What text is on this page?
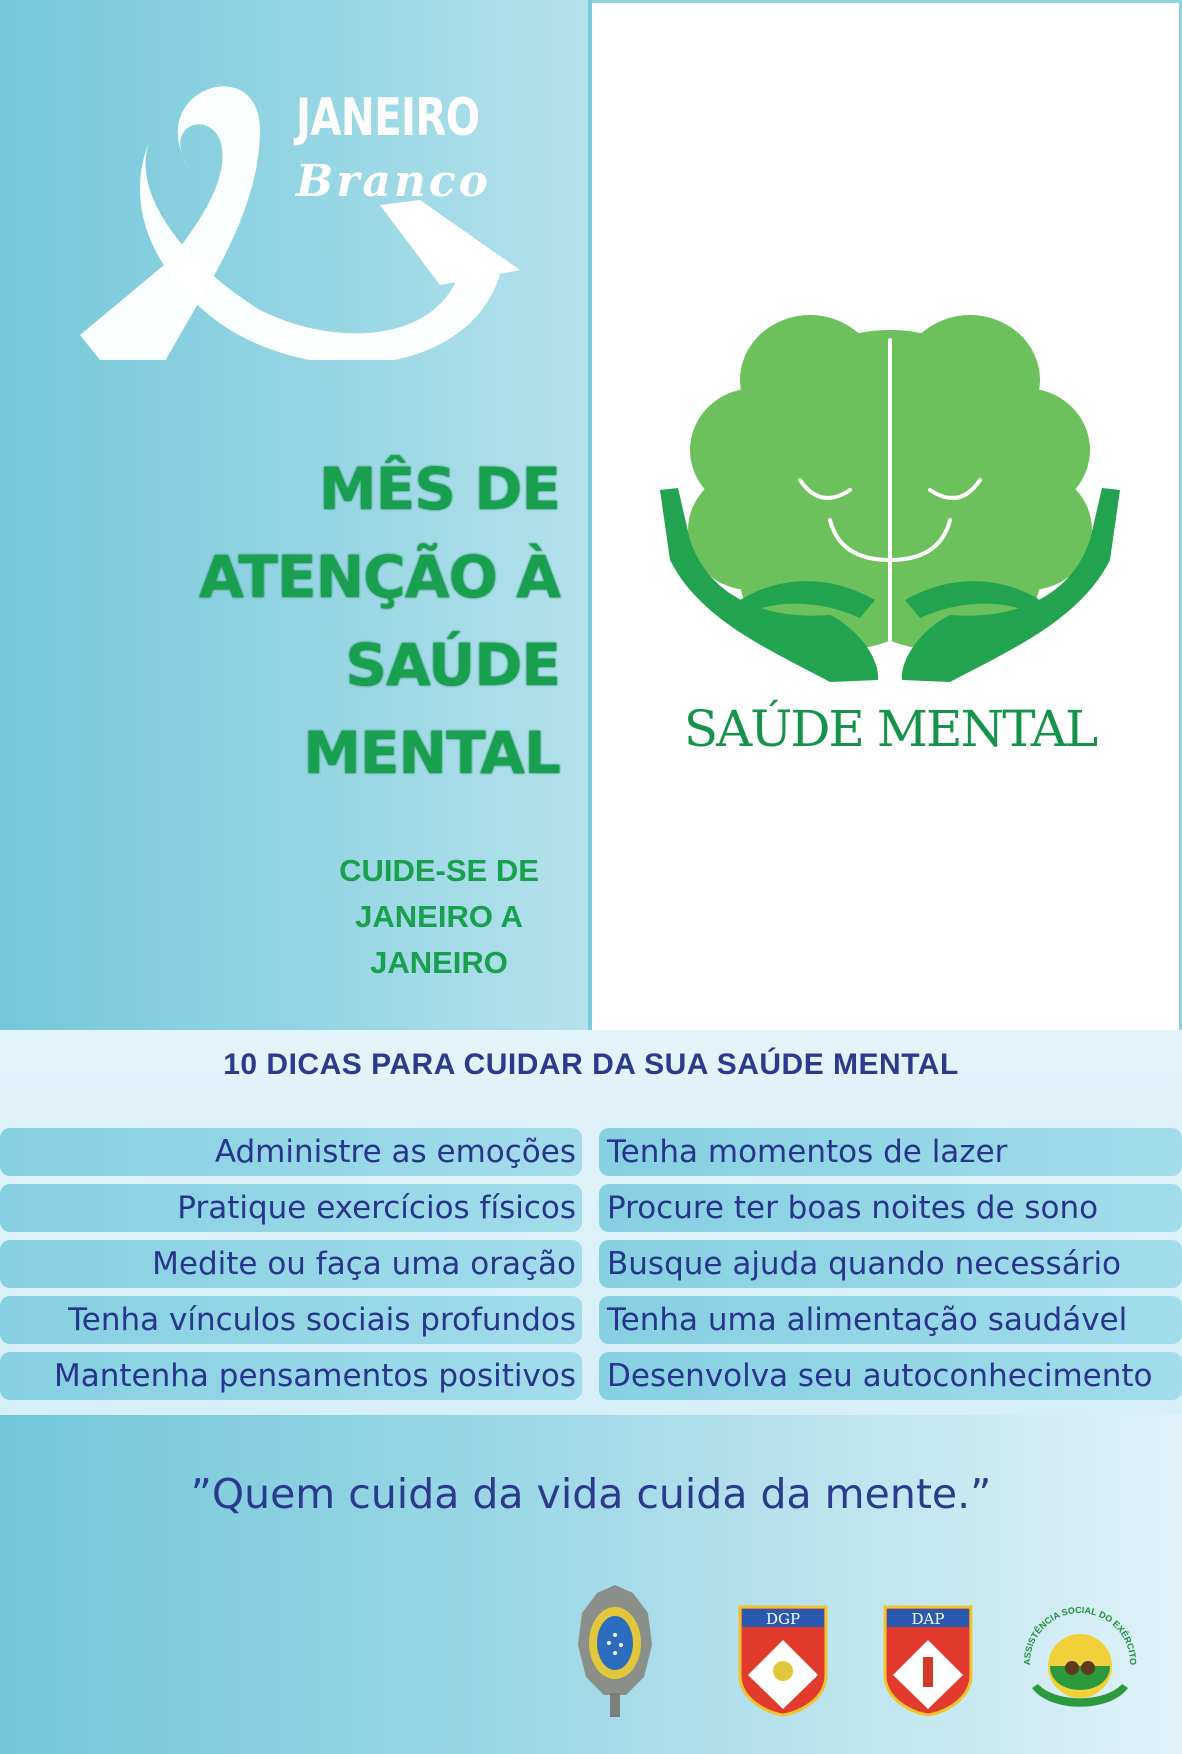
JANEIRO
Branco
MÊS DE
ATENÇÃO À
SAÚDE
MENTAL
CUIDE-SE DE
JANEIRO A
JANEIRO
SAÚDE MENTAL
10 DICAS PARA CUIDAR DA SUA SAÚDE MENTAL
Administre as emoções
Pratique exercícios físicos
Medite ou faça uma oração
Tenha vínculos sociais profundos
Mantenha pensamentos positivos
Tenha momentos de lazer
Procure ter boas noites de sono
Busque ajuda quando necessário
Tenha uma alimentação saudável
Desenvolva seu autoconhecimento
”Quem cuida da vida cuida da mente.”
DGP	DAP
ASSISTÊNCIA SOCIAL DO EXÉRCITO
